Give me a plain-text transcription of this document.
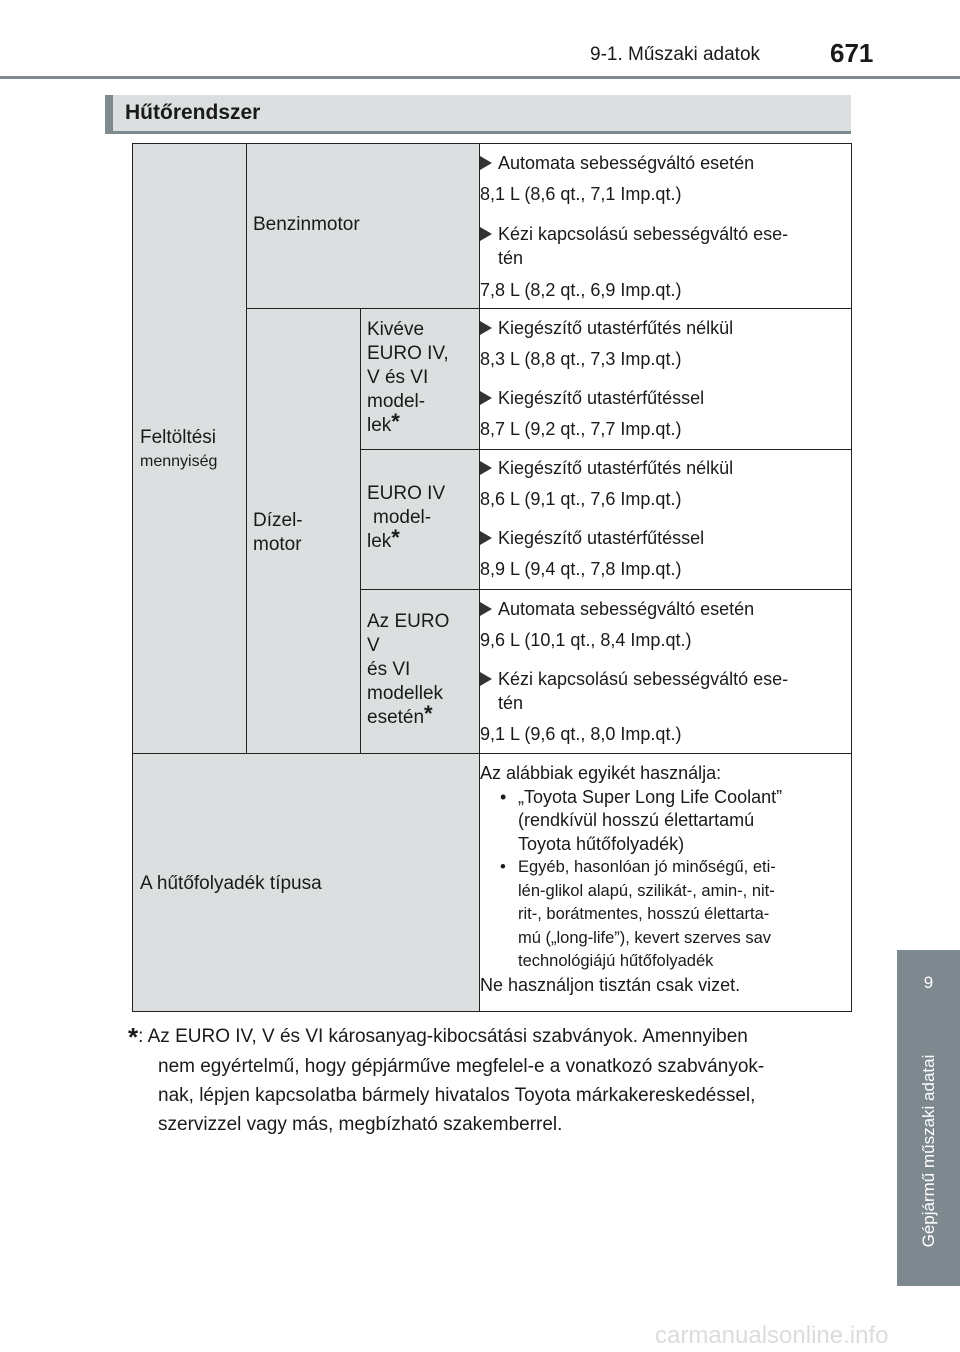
9-1. Műszaki adatok	671
9
Gépjármű műszaki adatai
Hűtőrendszer
Feltöltési
mennyiség
Benzinmotor
Dízel-
motor
Kivéve
EURO IV,
V és VI
model-
lek*
EURO IV
model-
lek*
Az EURO
V
és VI
modellek
esetén*
A hűtőfolyadék típusa
Automata sebességváltó esetén
8,1 L (8,6 qt., 7,1 Imp.qt.)
Kézi kapcsolású sebességváltó ese-
tén
7,8 L (8,2 qt., 6,9 Imp.qt.)
Kiegészítő utastérfűtés nélkül
8,3 L (8,8 qt., 7,3 Imp.qt.)
Kiegészítő utastérfűtéssel
8,7 L (9,2 qt., 7,7 Imp.qt.)
Kiegészítő utastérfűtés nélkül
8,6 L (9,1 qt., 7,6 Imp.qt.)
Kiegészítő utastérfűtéssel
8,9 L (9,4 qt., 7,8 Imp.qt.)
Automata sebességváltó esetén
9,6 L (10,1 qt., 8,4 Imp.qt.)
Kézi kapcsolású sebességváltó ese-
tén
9,1 L (9,6 qt., 8,0 Imp.qt.)
Az alábbiak egyikét használja:
• „Toyota Super Long Life Coolant”
(rendkívül hosszú élettartamú
Toyota hűtőfolyadék)
• Egyéb, hasonlóan jó minőségű, eti-
lén-glikol alapú, szilikát-, amin-, nit-
rit-, borátmentes, hosszú élettarta-
mú („long-life”), kevert szerves sav
technológiájú hűtőfolyadék
Ne használjon tisztán csak vizet.
*: Az EURO IV, V és VI károsanyag-kibocsátási szabványok. Amennyiben
nem egyértelmű, hogy gépjárműve megfelel-e a vonatkozó szabványok-
nak, lépjen kapcsolatba bármely hivatalos Toyota márkakereskedéssel,
szervizzel vagy más, megbízható szakemberrel.
carmanualsonline.info
